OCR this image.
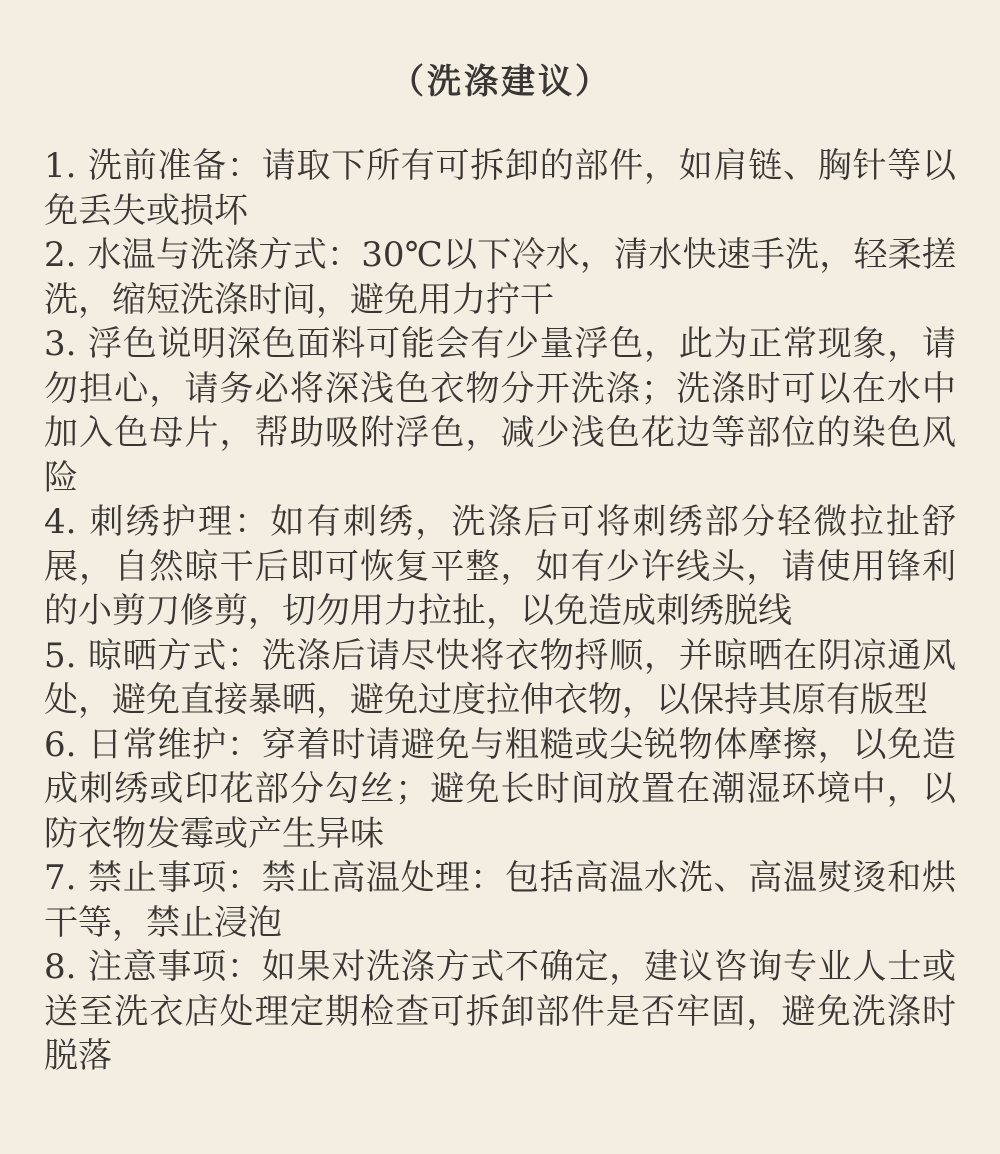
（洗涤建议）
1. 洗前准备：请取下所有可拆卸的部件，如肩链、胸针等以免丢失或损坏
2. 水温与洗涤方式：30℃以下冷水，清水快速手洗，轻柔搓洗，缩短洗涤时间，避免用力拧干
3. 浮色说明深色面料可能会有少量浮色，此为正常现象，请勿担心，请务必将深浅色衣物分开洗涤；洗涤时可以在水中加入色母片，帮助吸附浮色，减少浅色花边等部位的染色风险
4. 刺绣护理：如有刺绣，洗涤后可将刺绣部分轻微拉扯舒展，自然晾干后即可恢复平整，如有少许线头，请使用锋利的小剪刀修剪，切勿用力拉扯，以免造成刺绣脱线
5. 晾晒方式：洗涤后请尽快将衣物捋顺，并晾晒在阴凉通风处，避免直接暴晒，避免过度拉伸衣物，以保持其原有版型
6. 日常维护：穿着时请避免与粗糙或尖锐物体摩擦，以免造成刺绣或印花部分勾丝；避免长时间放置在潮湿环境中，以防衣物发霉或产生异味
7. 禁止事项：禁止高温处理：包括高温水洗、高温熨烫和烘干等，禁止浸泡
8. 注意事项：如果对洗涤方式不确定，建议咨询专业人士或送至洗衣店处理定期检查可拆卸部件是否牢固，避免洗涤时脱落
